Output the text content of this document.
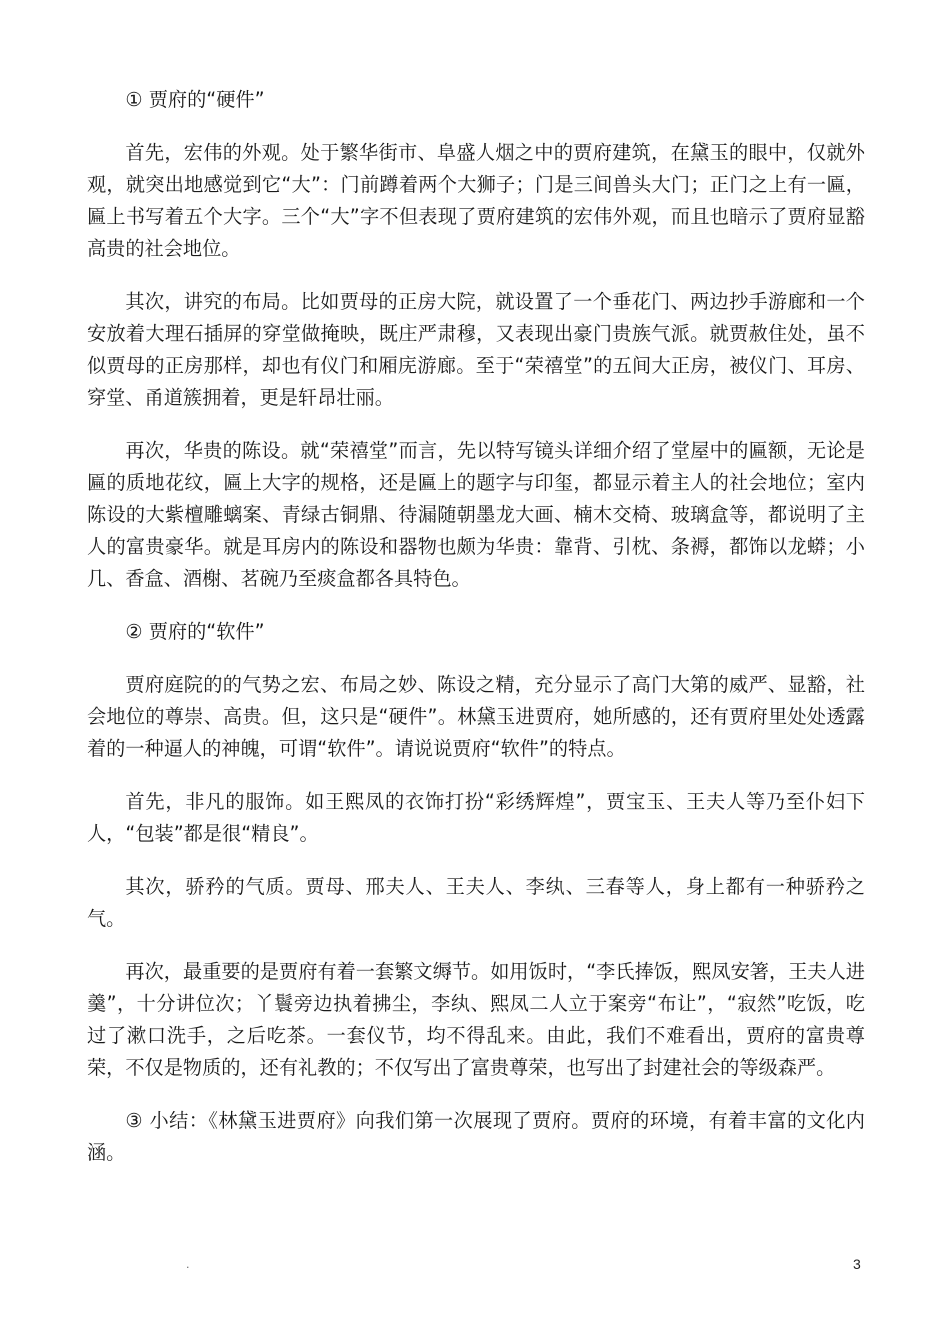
① 贾府的“硬件”

首先，宏伟的外观。处于繁华街市、阜盛人烟之中的贾府建筑，在黛玉的眼中，仅就外观，就突出地感觉到它“大”：门前蹲着两个大狮子；门是三间兽头大门；正门之上有一匾，匾上书写着五个大字。三个“大”字不但表现了贾府建筑的宏伟外观，而且也暗示了贾府显豁高贵的社会地位。

其次，讲究的布局。比如贾母的正房大院，就设置了一个垂花门、两边抄手游廊和一个安放着大理石插屏的穿堂做掩映，既庄严肃穆，又表现出豪门贵族气派。就贾赦住处，虽不似贾母的正房那样，却也有仪门和厢庑游廊。至于“荣禧堂”的五间大正房，被仪门、耳房、穿堂、甬道簇拥着，更是轩昂壮丽。

再次，华贵的陈设。就“荣禧堂”而言，先以特写镜头详细介绍了堂屋中的匾额，无论是匾的质地花纹，匾上大字的规格，还是匾上的题字与印玺，都显示着主人的社会地位；室内陈设的大紫檀雕螭案、青绿古铜鼎、待漏随朝墨龙大画、楠木交椅、玻璃盒等，都说明了主人的富贵豪华。就是耳房内的陈设和器物也颇为华贵：靠背、引枕、条褥，都饰以龙蟒；小几、香盒、酒榭、茗碗乃至痰盒都各具特色。

② 贾府的“软件”

贾府庭院的的气势之宏、布局之妙、陈设之精，充分显示了高门大第的威严、显豁，社会地位的尊崇、高贵。但，这只是“硬件”。林黛玉进贾府，她所感的，还有贾府里处处透露着的一种逼人的神魄，可谓“软件”。请说说贾府“软件”的特点。

首先，非凡的服饰。如王熙凤的衣饰打扮“彩绣辉煌”，贾宝玉、王夫人等乃至仆妇下人，“包装”都是很“精良”。

其次，骄矜的气质。贾母、邢夫人、王夫人、李纨、三春等人，身上都有一种骄矜之气。

再次，最重要的是贾府有着一套繁文缛节。如用饭时，“李氏捧饭，熙凤安箸，王夫人进羹”，十分讲位次；丫鬟旁边执着拂尘，李纨、熙凤二人立于案旁“布让”，“寂然”吃饭，吃过了漱口洗手，之后吃茶。一套仪节，均不得乱来。由此，我们不难看出，贾府的富贵尊荣，不仅是物质的，还有礼教的；不仅写出了富贵尊荣，也写出了封建社会的等级森严。

③ 小结：《林黛玉进贾府》向我们第一次展现了贾府。贾府的环境，有着丰富的文化内涵。

.	3
